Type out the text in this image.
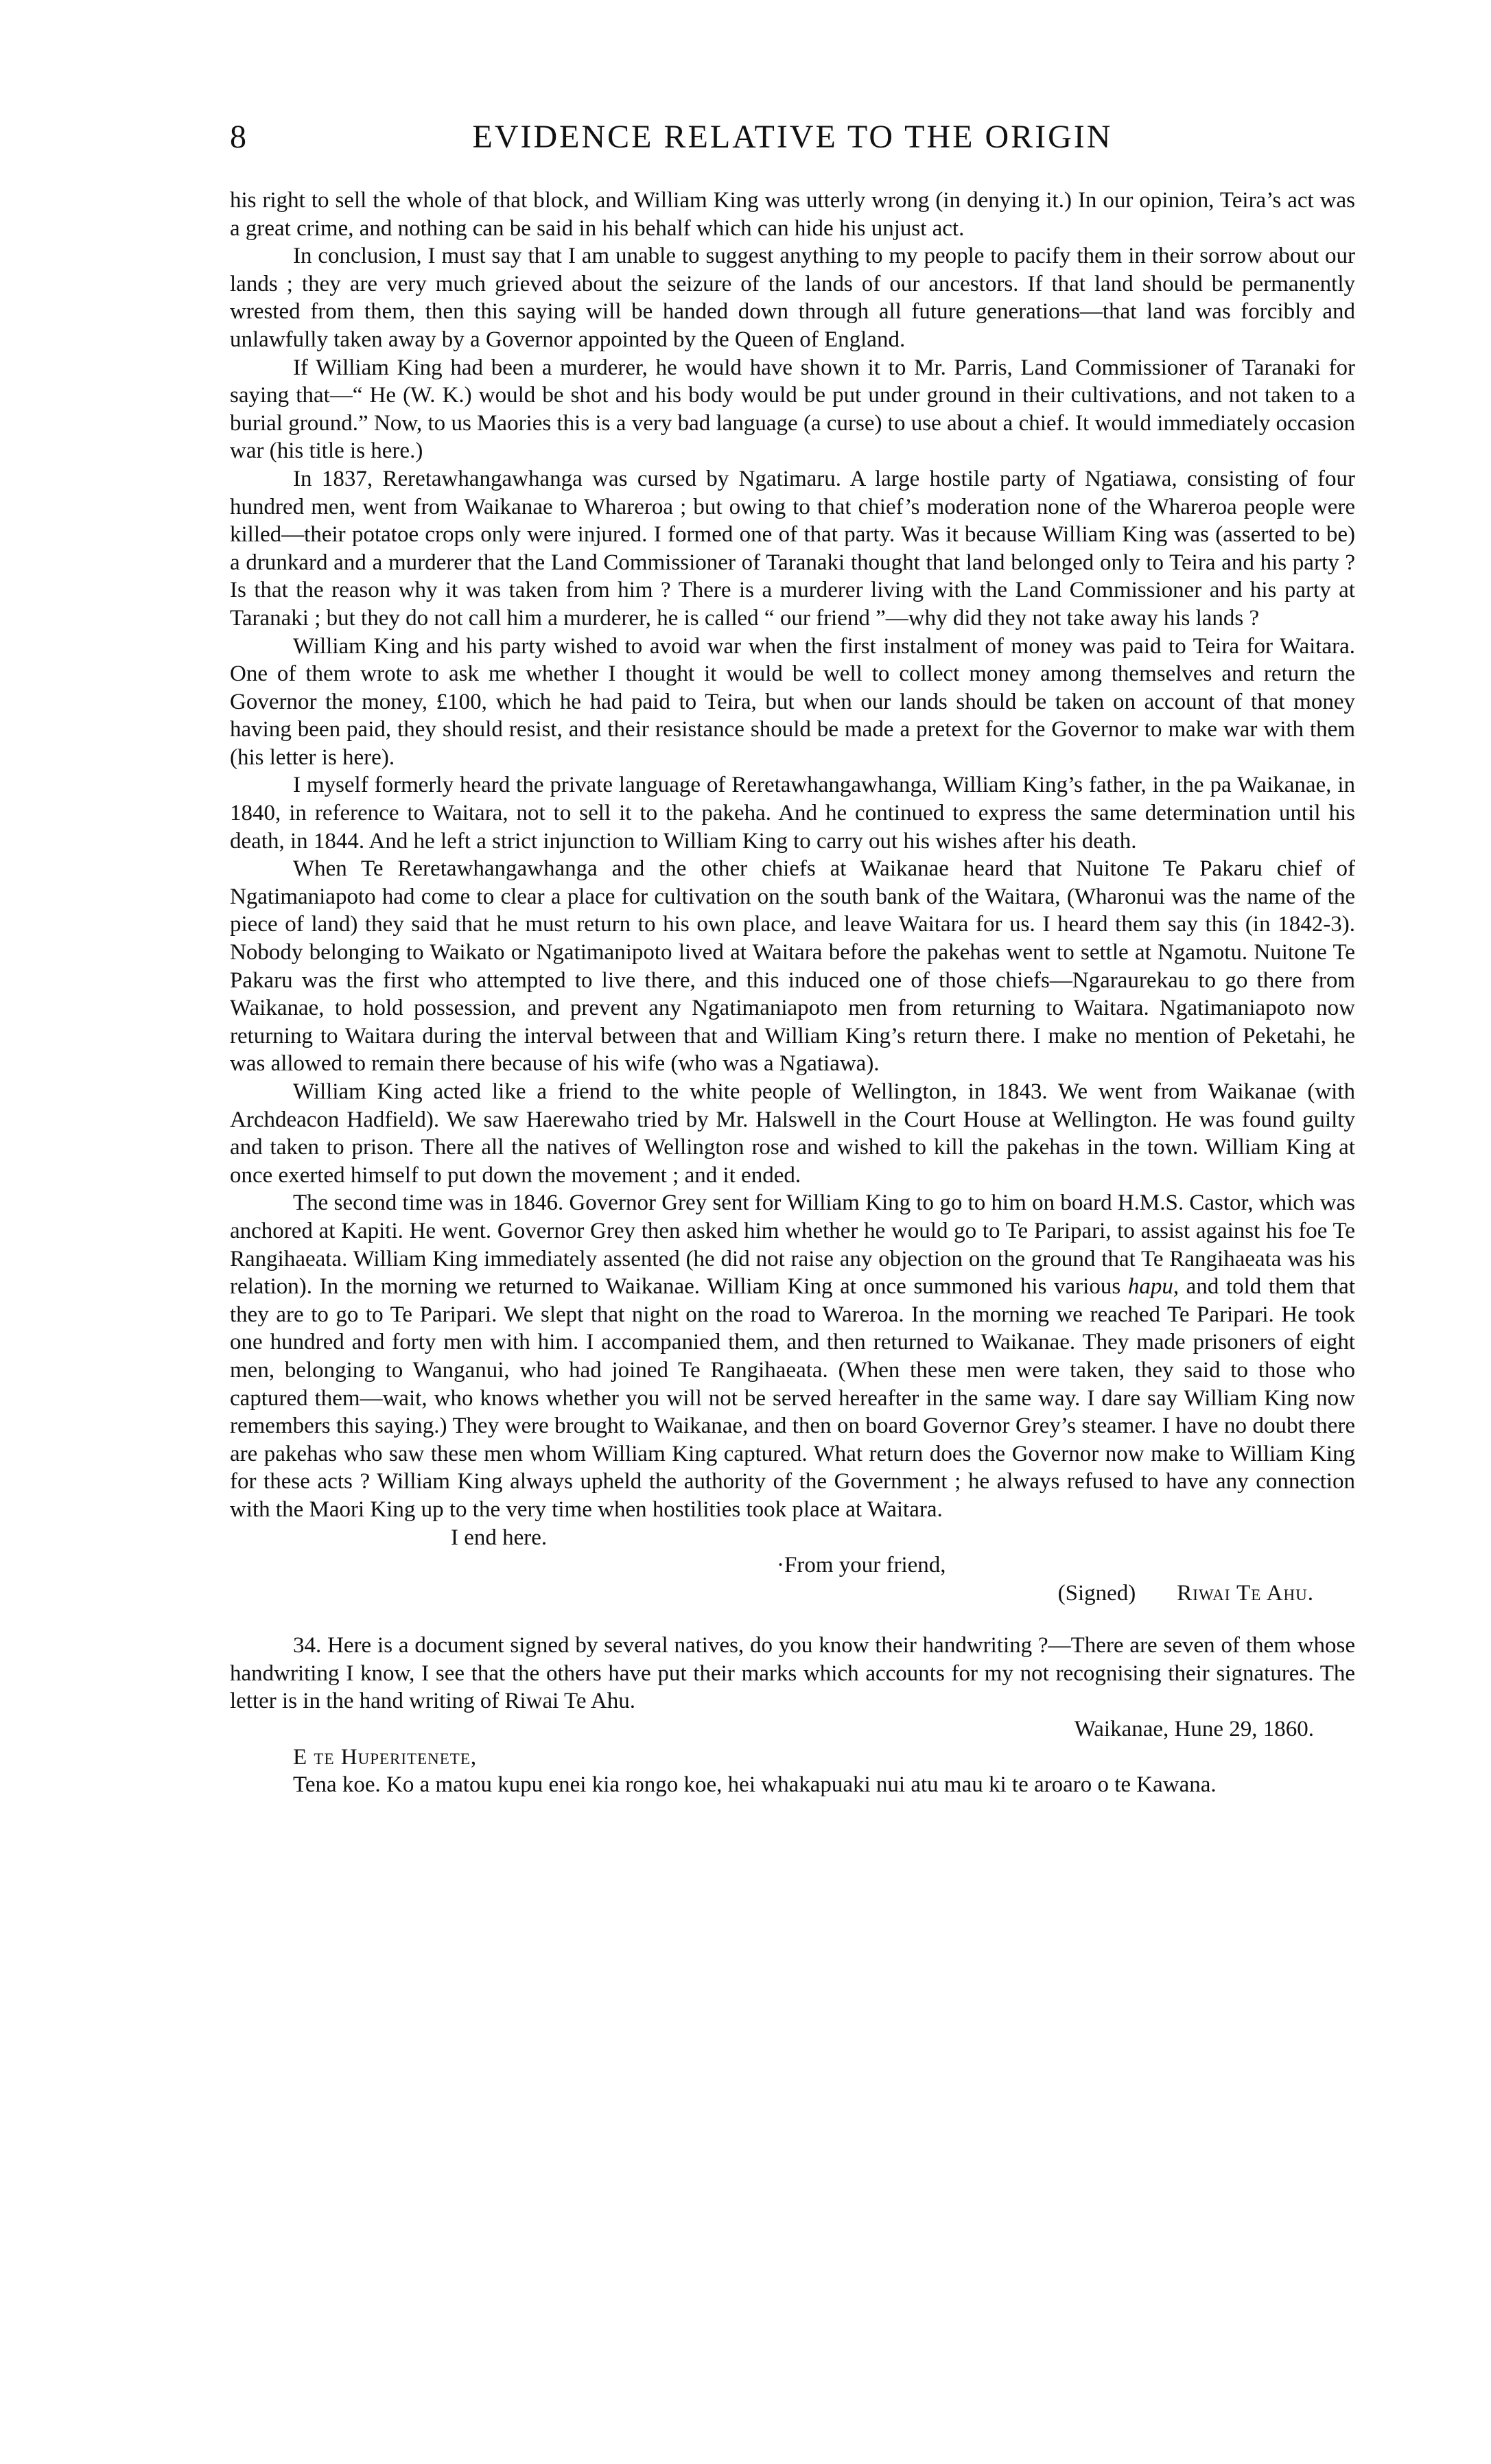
8	EVIDENCE RELATIVE TO THE ORIGIN

his right to sell the whole of that block, and William King was utterly wrong (in denying it.) In our opinion, Teira’s act was a great crime, and nothing can be said in his behalf which can hide his unjust act.

In conclusion, I must say that I am unable to suggest anything to my people to pacify them in their sorrow about our lands ; they are very much grieved about the seizure of the lands of our ancestors. If that land should be permanently wrested from them, then this saying will be handed down through all future generations—that land was forcibly and unlawfully taken away by a Governor appointed by the Queen of England.

If William King had been a murderer, he would have shown it to Mr. Parris, Land Commissioner of Taranaki for saying that—“ He (W. K.) would be shot and his body would be put under ground in their cultivations, and not taken to a burial ground.” Now, to us Maories this is a very bad language (a curse) to use about a chief. It would immediately occasion war (his title is here.)

In 1837, Reretawhangawhanga was cursed by Ngatimaru. A large hostile party of Ngatiawa, consisting of four hundred men, went from Waikanae to Whareroa ; but owing to that chief’s moderation none of the Whareroa people were killed—their potatoe crops only were injured. I formed one of that party. Was it because William King was (asserted to be) a drunkard and a murderer that the Land Commissioner of Taranaki thought that land belonged only to Teira and his party ? Is that the reason why it was taken from him ? There is a murderer living with the Land Commissioner and his party at Taranaki ; but they do not call him a murderer, he is called “ our friend ”—why did they not take away his lands ?

William King and his party wished to avoid war when the first instalment of money was paid to Teira for Waitara. One of them wrote to ask me whether I thought it would be well to collect money among themselves and return the Governor the money, £100, which he had paid to Teira, but when our lands should be taken on account of that money having been paid, they should resist, and their resistance should be made a pretext for the Governor to make war with them (his letter is here).

I myself formerly heard the private language of Reretawhangawhanga, William King’s father, in the pa Waikanae, in 1840, in reference to Waitara, not to sell it to the pakeha. And he continued to express the same determination until his death, in 1844. And he left a strict injunction to William King to carry out his wishes after his death.

When Te Reretawhangawhanga and the other chiefs at Waikanae heard that Nuitone Te Pakaru chief of Ngatimaniapoto had come to clear a place for cultivation on the south bank of the Waitara, (Wharonui was the name of the piece of land) they said that he must return to his own place, and leave Waitara for us. I heard them say this (in 1842-3). Nobody belonging to Waikato or Ngatimanipoto lived at Waitara before the pakehas went to settle at Ngamotu. Nuitone Te Pakaru was the first who attempted to live there, and this induced one of those chiefs—Ngaraurekau to go there from Waikanae, to hold possession, and prevent any Ngatimaniapoto men from returning to Waitara. Ngatimaniapoto now returning to Waitara during the interval between that and William King’s return there. I make no mention of Peketahi, he was allowed to remain there because of his wife (who was a Ngatiawa).

William King acted like a friend to the white people of Wellington, in 1843. We went from Waikanae (with Archdeacon Hadfield). We saw Haerewaho tried by Mr. Halswell in the Court House at Wellington. He was found guilty and taken to prison. There all the natives of Wellington rose and wished to kill the pakehas in the town. William King at once exerted himself to put down the movement ; and it ended.

The second time was in 1846. Governor Grey sent for William King to go to him on board H.M.S. Castor, which was anchored at Kapiti. He went. Governor Grey then asked him whether he would go to Te Paripari, to assist against his foe Te Rangihaeata. William King immediately assented (he did not raise any objection on the ground that Te Rangihaeata was his relation). In the morning we returned to Waikanae. William King at once summoned his various hapu, and told them that they are to go to Te Paripari. We slept that night on the road to Wareroa. In the morning we reached Te Paripari. He took one hundred and forty men with him. I accompanied them, and then returned to Waikanae. They made prisoners of eight men, belonging to Wanganui, who had joined Te Rangihaeata. (When these men were taken, they said to those who captured them—wait, who knows whether you will not be served hereafter in the same way. I dare say William King now remembers this saying.) They were brought to Waikanae, and then on board Governor Grey’s steamer. I have no doubt there are pakehas who saw these men whom William King captured. What return does the Governor now make to William King for these acts ? William King always upheld the authority of the Government ; he always refused to have any connection with the Maori King up to the very time when hostilities took place at Waitara.

I end here.

·From your friend,

(Signed) Riwai Te Ahu.

34. Here is a document signed by several natives, do you know their handwriting ?—There are seven of them whose handwriting I know, I see that the others have put their marks which accounts for my not recognising their signatures. The letter is in the hand writing of Riwai Te Ahu.

Waikanae, Hune 29, 1860.

E te Huperitenete,

Tena koe. Ko a matou kupu enei kia rongo koe, hei whakapuaki nui atu mau ki te aroaro o te Kawana.
